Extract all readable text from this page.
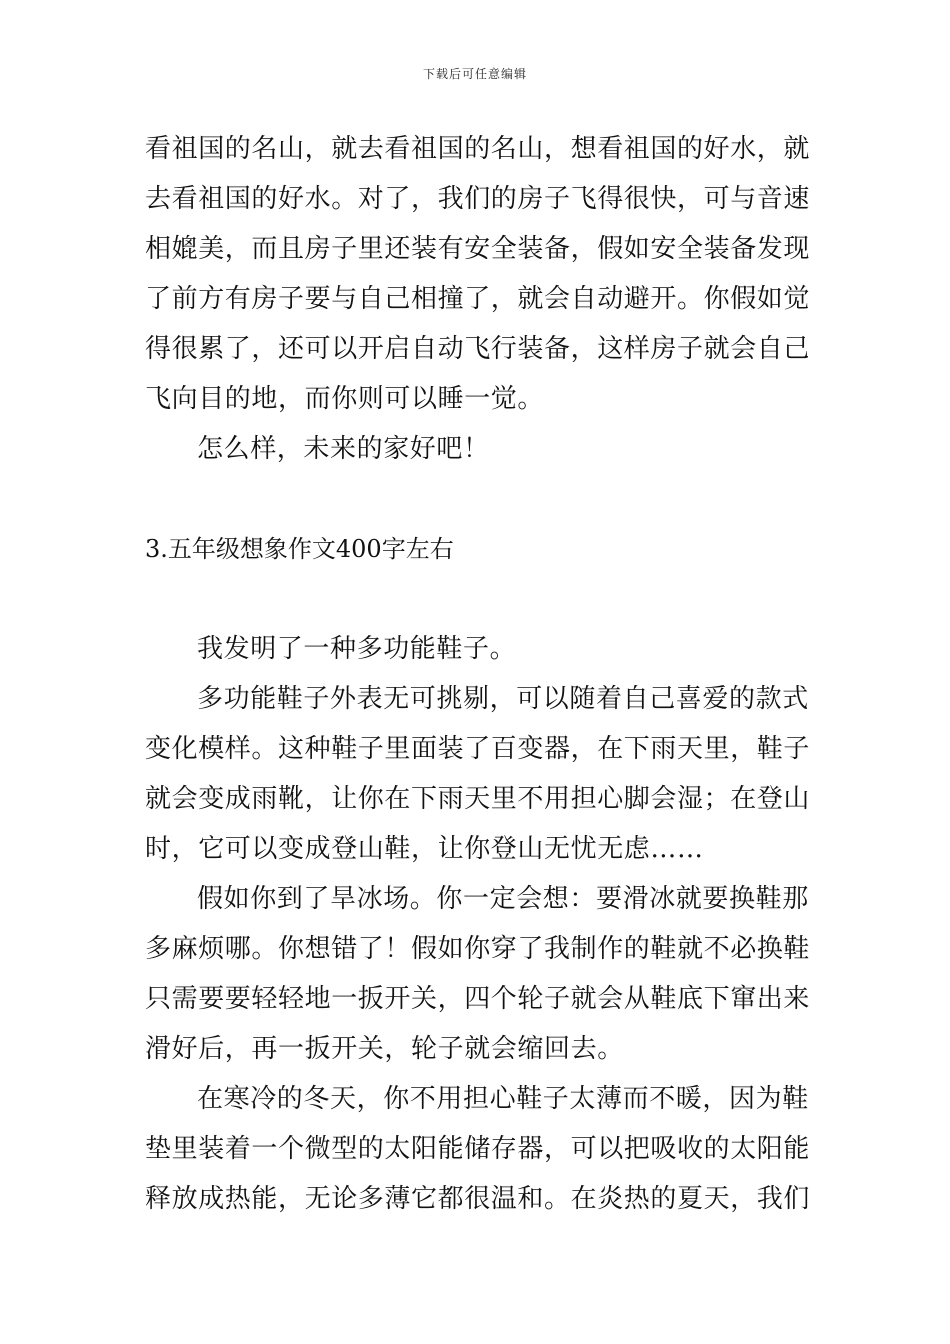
下载后可任意编辑
看祖国的名山，就去看祖国的名山，想看祖国的好水，就
去看祖国的好水。对了，我们的房子飞得很快，可与音速
相媲美，而且房子里还装有安全装备，假如安全装备发现
了前方有房子要与自己相撞了，就会自动避开。你假如觉
得很累了，还可以开启自动飞行装备，这样房子就会自己
飞向目的地，而你则可以睡一觉。
怎么样，未来的家好吧！
3.五年级想象作文400字左右
我发明了一种多功能鞋子。
多功能鞋子外表无可挑剔，可以随着自己喜爱的款式
变化模样。这种鞋子里面装了百变器，在下雨天里，鞋子
就会变成雨靴，让你在下雨天里不用担心脚会湿；在登山
时，它可以变成登山鞋，让你登山无忧无虑……
假如你到了旱冰场。你一定会想：要滑冰就要换鞋那
多麻烦哪。你想错了！假如你穿了我制作的鞋就不必换鞋
只需要要轻轻地一扳开关，四个轮子就会从鞋底下窜出来
滑好后，再一扳开关，轮子就会缩回去。
在寒冷的冬天，你不用担心鞋子太薄而不暖，因为鞋
垫里装着一个微型的太阳能储存器，可以把吸收的太阳能
释放成热能，无论多薄它都很温和。在炎热的夏天，我们
